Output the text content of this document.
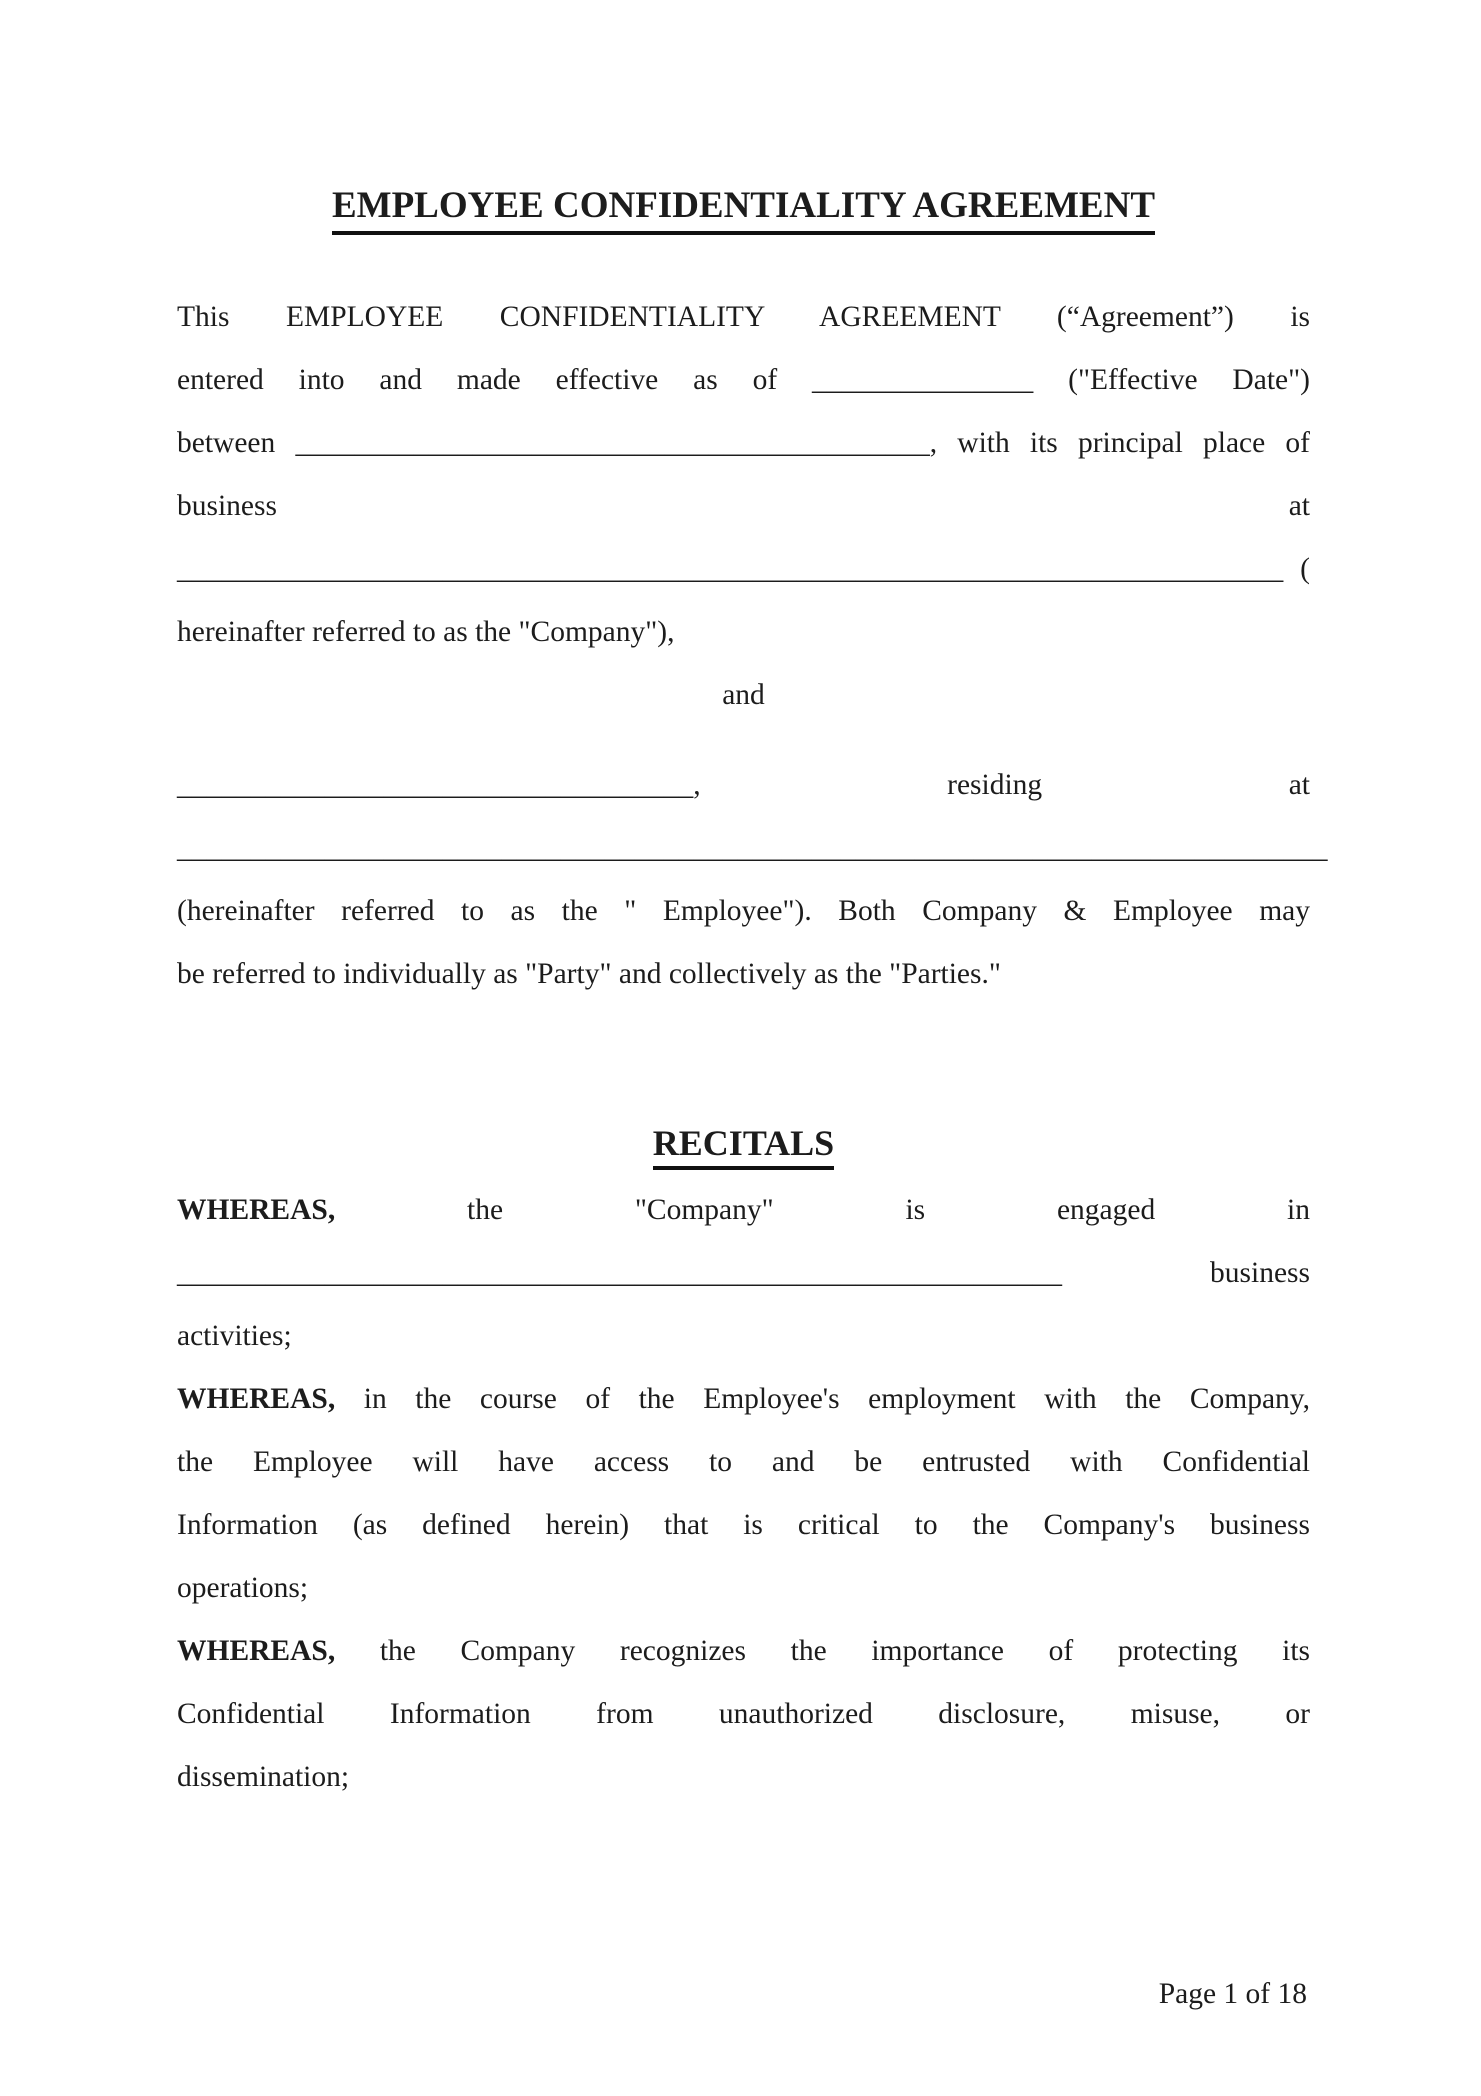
EMPLOYEE CONFIDENTIALITY AGREEMENT

This EMPLOYEE CONFIDENTIALITY AGREEMENT (“Agreement”) is

entered into and made effective as of _______________ ("Effective Date")

between ___________________________________________, with its principal place of

business at

___________________________________________________________________________ (

hereinafter referred to as the "Company"),

and

___________________________________, residing at

______________________________________________________________________________

(hereinafter referred to as the " Employee"). Both Company & Employee may

be referred to individually as "Party" and collectively as the "Parties."

RECITALS

WHEREAS, the "Company" is engaged in

____________________________________________________________ business

activities;

WHEREAS, in the course of the Employee's employment with the Company,

the Employee will have access to and be entrusted with Confidential

Information (as defined herein) that is critical to the Company's business

operations;

WHEREAS, the Company recognizes the importance of protecting its

Confidential Information from unauthorized disclosure, misuse, or

dissemination;

Page 1 of 18
